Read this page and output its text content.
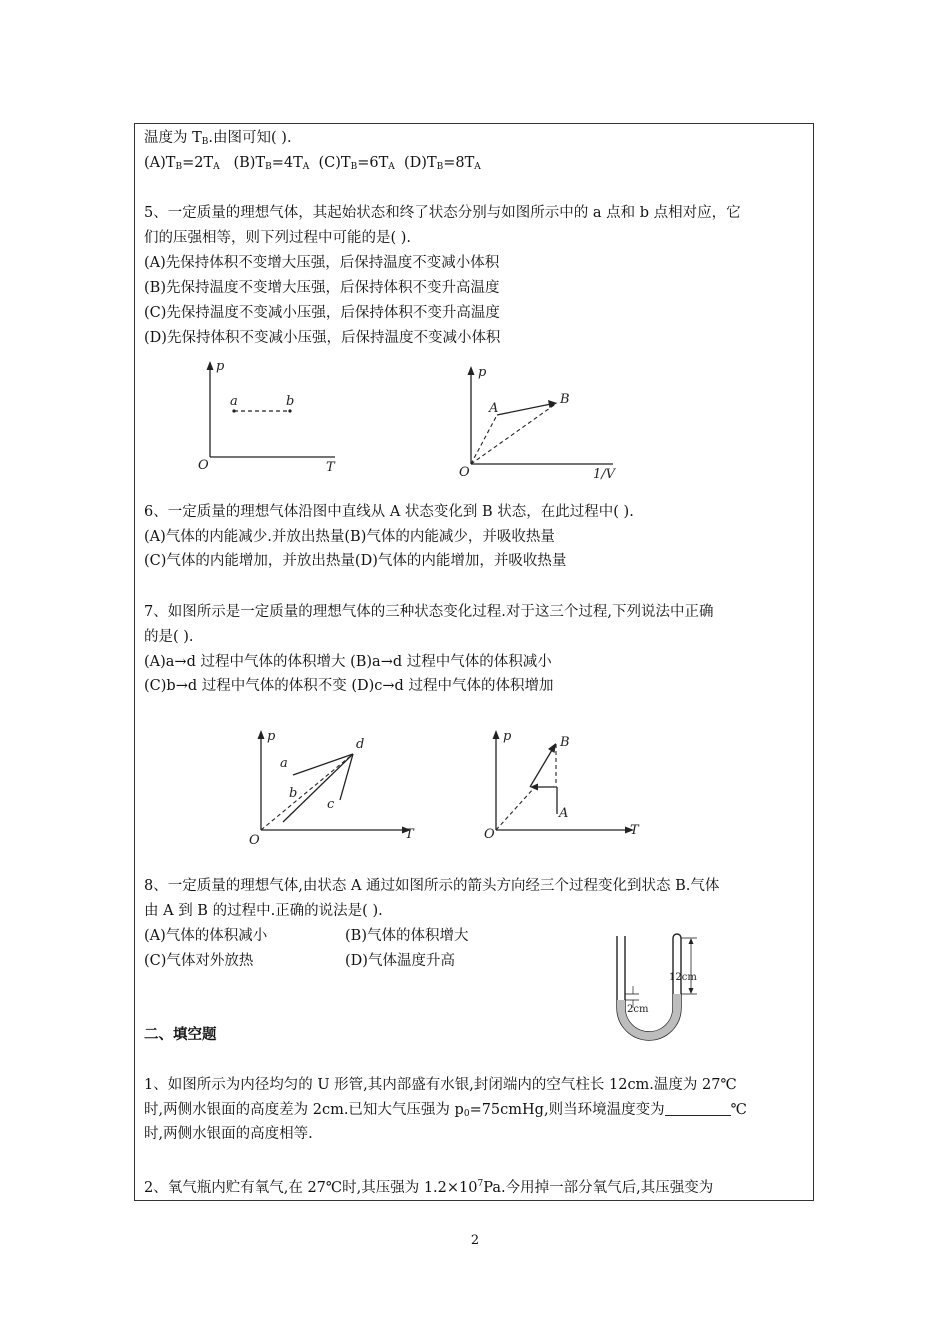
温度为 $T_B$.由图可知( ).
$(A)T_B=2T_A$ $(B)T_B=4T_A$ $(C)T_B=6T_A$ $(D)T_B=8T_A$
5、一定质量的理想气体，其起始状态和终了状态分别与如图所示中的 a 点和 b 点相对应，它
们的压强相等，则下列过程中可能的是( ).
(A)先保持体积不变增大压强，后保持温度不变减小体积
(B)先保持温度不变增大压强，后保持体积不变升高温度
(C)先保持温度不变减小压强，后保持体积不变升高温度
(D)先保持体积不变减小压强，后保持温度不变减小体积
p
a	b
O	T
p
A
B
O	1/V
6、一定质量的理想气体沿图中直线从 A 状态变化到 B 状态，在此过程中( ).
(A)气体的内能减少.并放出热量(B)气体的内能减少，并吸收热量
(C)气体的内能增加，并放出热量(D)气体的内能增加，并吸收热量
7、如图所示是一定质量的理想气体的三种状态变化过程.对于这三个过程,下列说法中正确
的是( ).
(A)a→d 过程中气体的体积增大 (B)a→d 过程中气体的体积减小
(C)b→d 过程中气体的体积不变 (D)c→d 过程中气体的体积增加
p
a
b
c
d
O	T
p	B
A
O	T
8、一定质量的理想气体,由状态 A 通过如图所示的箭头方向经三个过程变化到状态 B.气体
由 A 到 B 的过程中.正确的说法是( ).
(A)气体的体积减小	(B)气体的体积增大
(C)气体对外放热	(D)气体温度升高
12cm
2cm
二、填空题
1、如图所示为内径均匀的 U 形管,其内部盛有水银,封闭端内的空气柱长 12cm.温度为 27℃
时,两侧水银面的高度差为 2cm.已知大气压强为 $p_0=75cmHg$,则当环境温度变为	℃
时,两侧水银面的高度相等.
2、氧气瓶内贮有氧气,在 27℃时,其压强为 $1.2\times 10^7Pa$.今用掉一部分氧气后,其压强变为
2
